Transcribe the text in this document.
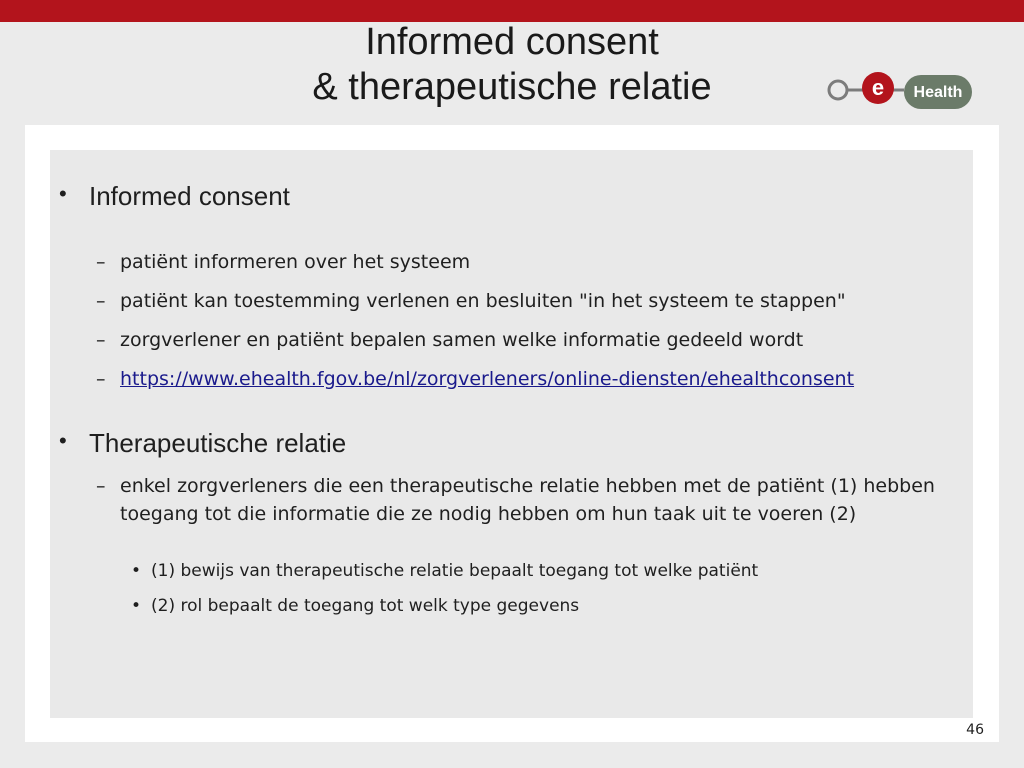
Informed consent
& therapeutische relatie	e Health
• Informed consent
– patiënt informeren over het systeem
– patiënt kan toestemming verlenen en besluiten "in het systeem te stappen"
– zorgverlener en patiënt bepalen samen welke informatie gedeeld wordt
– https://www.ehealth.fgov.be/nl/zorgverleners/online-diensten/ehealthconsent
• Therapeutische relatie
– enkel zorgverleners die een therapeutische relatie hebben met de patiënt (1) hebben toegang tot die informatie die ze nodig hebben om hun taak uit te voeren (2)
• (1) bewijs van therapeutische relatie bepaalt toegang tot welke patiënt
• (2) rol bepaalt de toegang tot welk type gegevens
46
